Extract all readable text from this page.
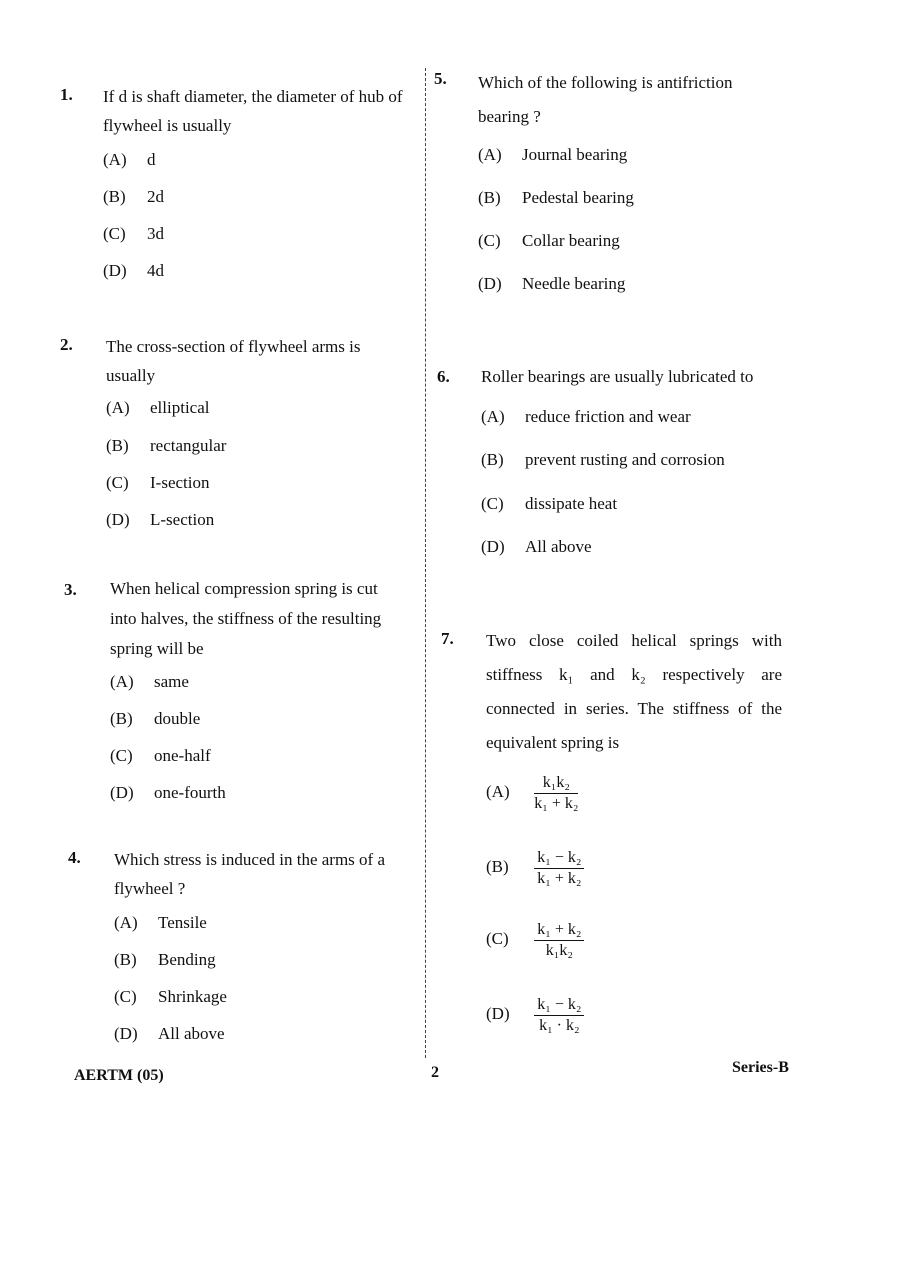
1. If d is shaft diameter, the diameter of hub of flywheel is usually
(A) d
(B) 2d
(C) 3d
(D) 4d
2. The cross-section of flywheel arms is usually
(A) elliptical
(B) rectangular
(C) I-section
(D) L-section
3. When helical compression spring is cut into halves, the stiffness of the resulting spring will be
(A) same
(B) double
(C) one-half
(D) one-fourth
4. Which stress is induced in the arms of a flywheel ?
(A) Tensile
(B) Bending
(C) Shrinkage
(D) All above
5. Which of the following is antifriction bearing ?
(A) Journal bearing
(B) Pedestal bearing
(C) Collar bearing
(D) Needle bearing
6. Roller bearings are usually lubricated to
(A) reduce friction and wear
(B) prevent rusting and corrosion
(C) dissipate heat
(D) All above
7. Two close coiled helical springs with stiffness k₁ and k₂ respectively are connected in series. The stiffness of the equivalent spring is
$(A) \frac{\text{k₁k₂}}{\text{k₁ + k₂}}$
$(B) \frac{\text{k₁ − k₂}}{\text{k₁ + k₂}}$
$(C) \frac{\text{k₁ + k₂}}{\text{k₁k₂}}$
$(D) \frac{\text{k₁ − k₂}}{\text{k₁ · k₂}}$
AERTM (05)	2	Series-B
